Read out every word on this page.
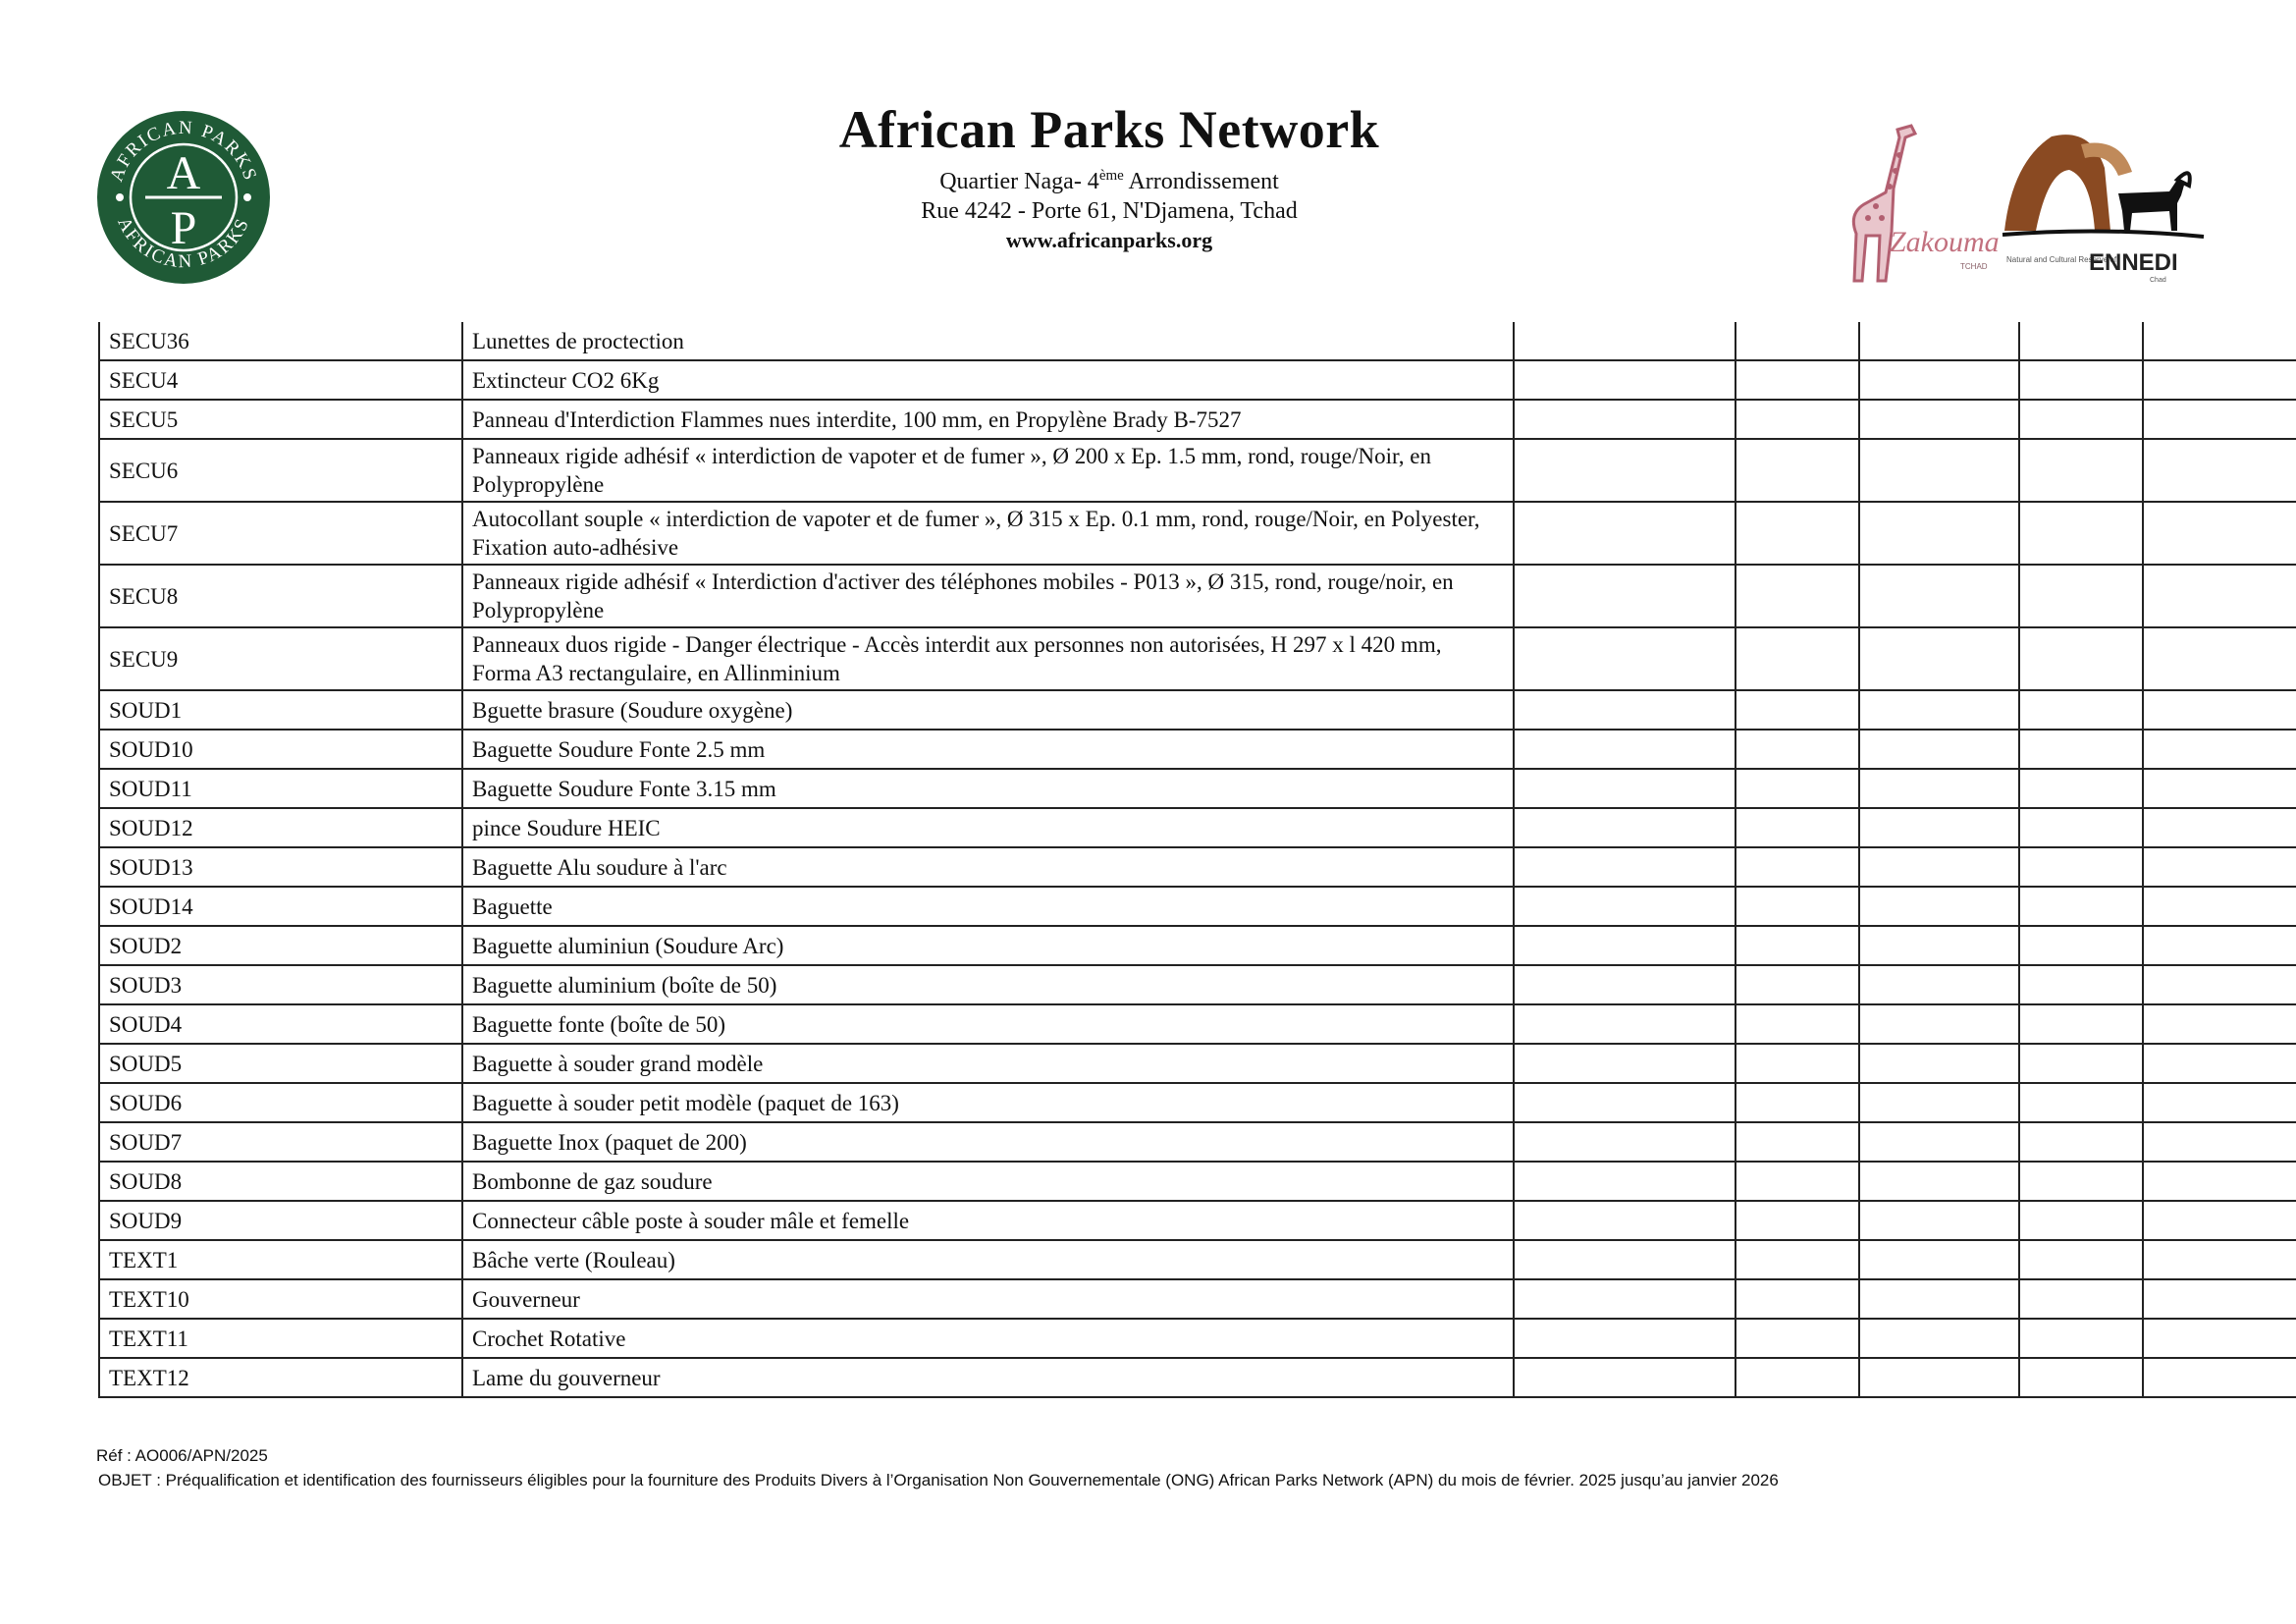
AFRICAN PARKS
AFRICAN PARKS
A
P
African Parks Network
Quartier Naga- 4ème Arrondissement
Rue 4242 - Porte 61, N'Djamena, Tchad
www.africanparks.org	Zakouma
TCHAD
Natural and Cultural Reserve of
ENNEDI
Chad
SECU36	Lunettes de proctection					
SECU4	Extincteur CO2 6Kg					
SECU5	Panneau d'Interdiction Flammes nues interdite, 100 mm, en Propylène Brady B-7527					
SECU6	Panneaux rigide adhésif « interdiction de vapoter et de fumer », Ø 200 x Ep. 1.5 mm, rond, rouge/Noir, en Polypropylène					
SECU7	Autocollant souple « interdiction de vapoter et de fumer », Ø 315 x Ep. 0.1 mm, rond, rouge/Noir, en Polyester, Fixation auto-adhésive					
SECU8	Panneaux rigide adhésif « Interdiction d'activer des téléphones mobiles - P013 », Ø 315, rond, rouge/noir, en Polypropylène					
SECU9	Panneaux duos rigide - Danger électrique - Accès interdit aux personnes non autorisées, H 297 x l 420 mm, Forma A3 rectangulaire, en Allinminium					
SOUD1	Bguette brasure (Soudure oxygène)					
SOUD10	Baguette Soudure Fonte 2.5 mm					
SOUD11	Baguette Soudure Fonte 3.15 mm					
SOUD12	pince Soudure HEIC					
SOUD13	Baguette Alu soudure à l'arc					
SOUD14	Baguette					
SOUD2	Baguette aluminiun (Soudure Arc)					
SOUD3	Baguette aluminium (boîte de 50)					
SOUD4	Baguette fonte (boîte de 50)					
SOUD5	Baguette à souder grand modèle					
SOUD6	Baguette à souder petit modèle (paquet de 163)					
SOUD7	Baguette Inox (paquet de 200)					
SOUD8	Bombonne de gaz soudure					
SOUD9	Connecteur câble poste à souder mâle et femelle					
TEXT1	Bâche verte (Rouleau)					
TEXT10	Gouverneur					
TEXT11	Crochet Rotative					
TEXT12	Lame du gouverneur					
Réf : AO006/APN/2025
OBJET : Préqualification et identification des fournisseurs éligibles pour la fourniture des Produits Divers à l’Organisation Non Gouvernementale (ONG) African Parks Network (APN) du mois de février. 2025 jusqu’au janvier 2026
